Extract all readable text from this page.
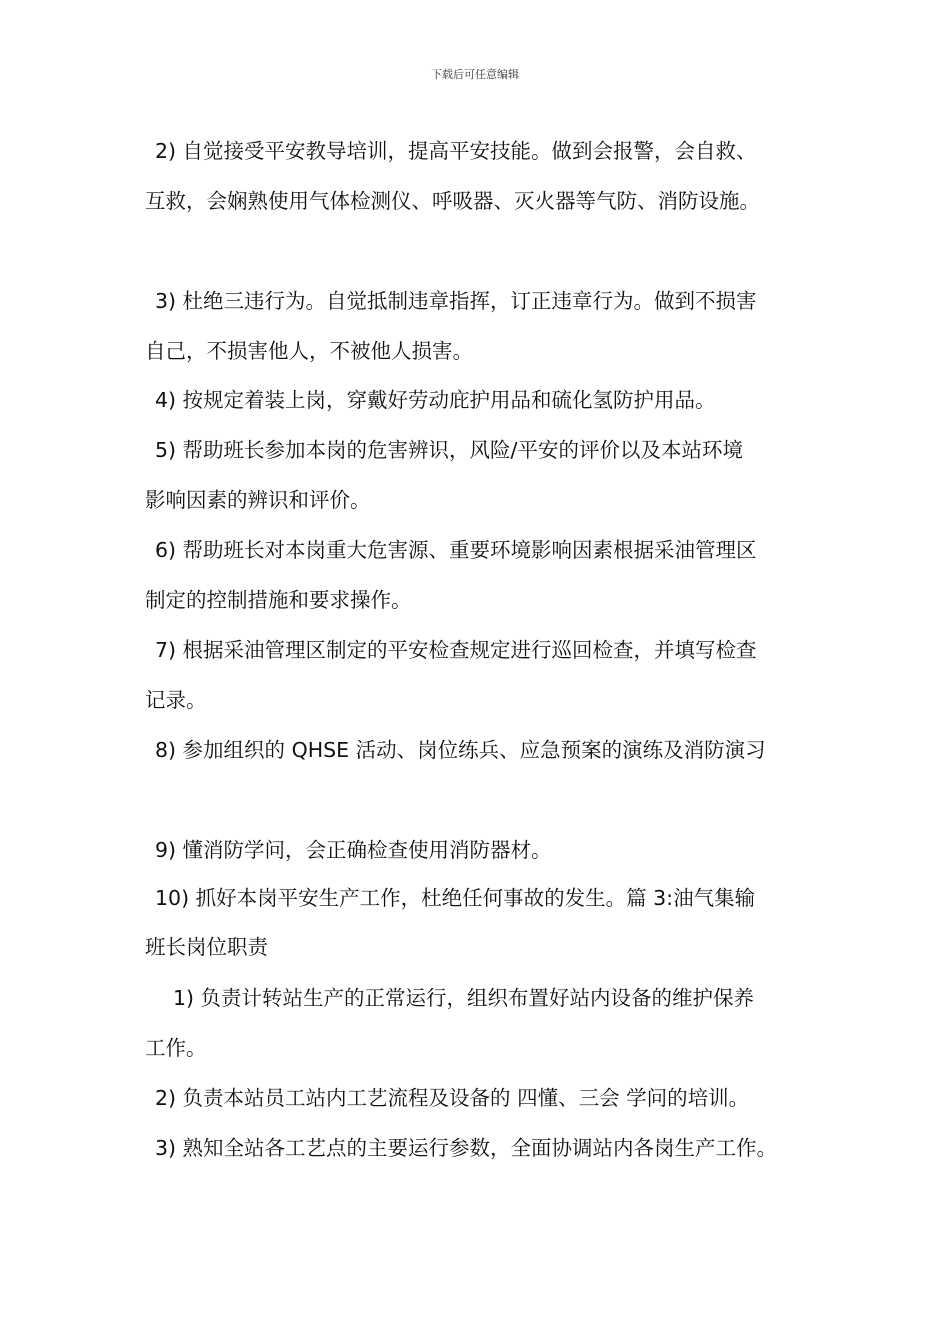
下载后可任意编辑
2) 自觉接受平安教导培训，提高平安技能。做到会报警，会自救、
互救，会娴熟使用气体检测仪、呼吸器、灭火器等气防、消防设施。
3) 杜绝三违行为。自觉抵制违章指挥，订正违章行为。做到不损害
自己，不损害他人，不被他人损害。
4) 按规定着装上岗，穿戴好劳动庇护用品和硫化氢防护用品。
5) 帮助班长参加本岗的危害辨识，风险/平安的评价以及本站环境
影响因素的辨识和评价。
6) 帮助班长对本岗重大危害源、重要环境影响因素根据采油管理区
制定的控制措施和要求操作。
7) 根据采油管理区制定的平安检查规定进行巡回检查，并填写检查
记录。
8) 参加组织的 QHSE 活动、岗位练兵、应急预案的演练及消防演习
9) 懂消防学问，会正确检查使用消防器材。
10) 抓好本岗平安生产工作，杜绝任何事故的发生。篇 3:油气集输
班长岗位职责
1) 负责计转站生产的正常运行，组织布置好站内设备的维护保养
工作。
2) 负责本站员工站内工艺流程及设备的 四懂、三会 学问的培训。
3) 熟知全站各工艺点的主要运行参数，全面协调站内各岗生产工作。
